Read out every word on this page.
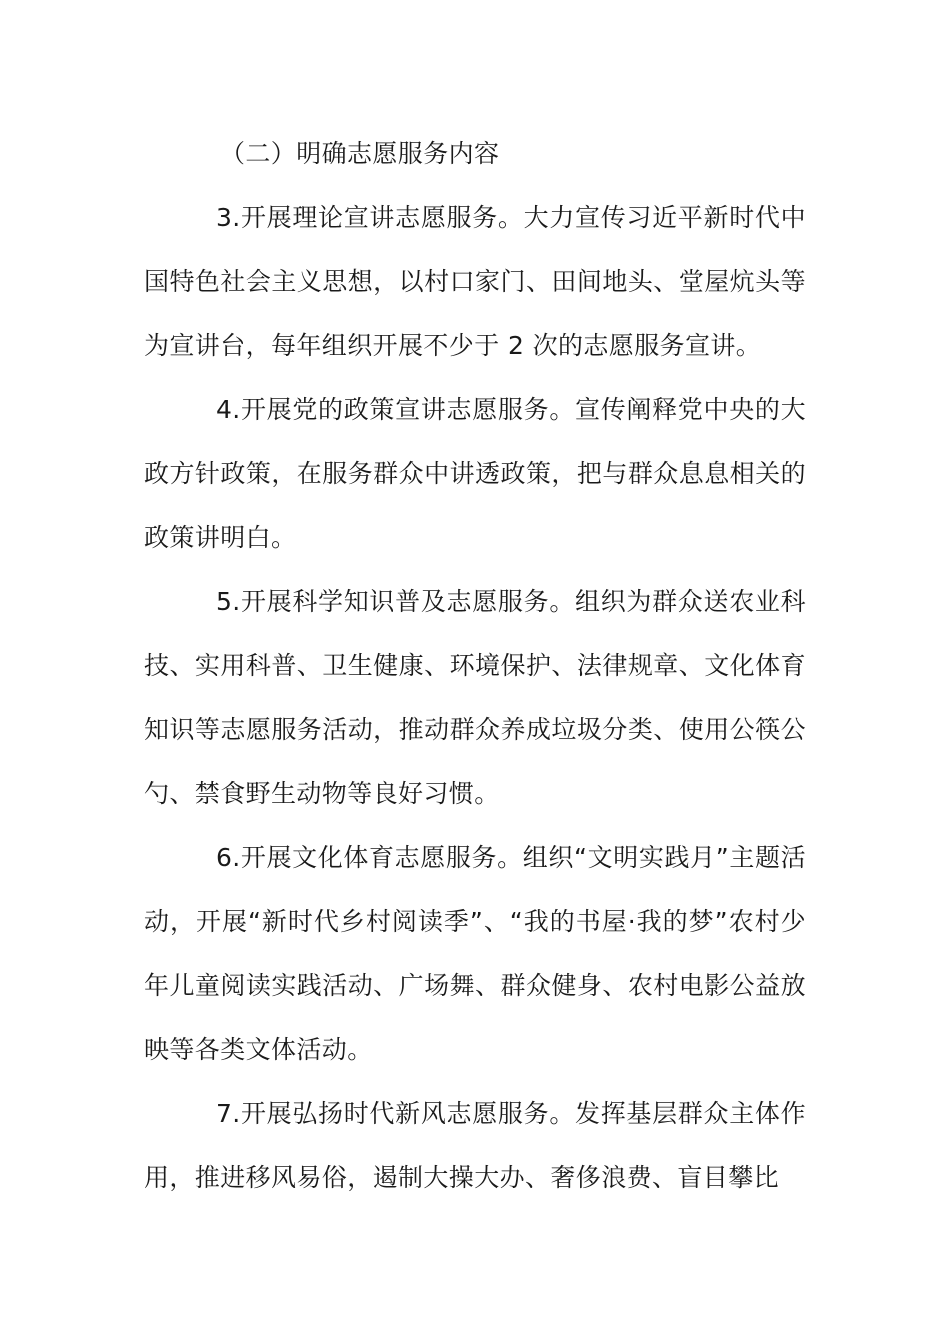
（二）明确志愿服务内容

3.开展理论宣讲志愿服务。大力宣传习近平新时代中国特色社会主义思想，以村口家门、田间地头、堂屋炕头等为宣讲台，每年组织开展不少于 2 次的志愿服务宣讲。

4.开展党的政策宣讲志愿服务。宣传阐释党中央的大政方针政策，在服务群众中讲透政策，把与群众息息相关的政策讲明白。

5.开展科学知识普及志愿服务。组织为群众送农业科技、实用科普、卫生健康、环境保护、法律规章、文化体育知识等志愿服务活动，推动群众养成垃圾分类、使用公筷公勺、禁食野生动物等良好习惯。

6.开展文化体育志愿服务。组织“文明实践月”主题活动，开展“新时代乡村阅读季”、“我的书屋·我的梦”农村少年儿童阅读实践活动、广场舞、群众健身、农村电影公益放映等各类文体活动。

7.开展弘扬时代新风志愿服务。发挥基层群众主体作用，推进移风易俗，遏制大操大办、奢侈浪费、盲目攀比
